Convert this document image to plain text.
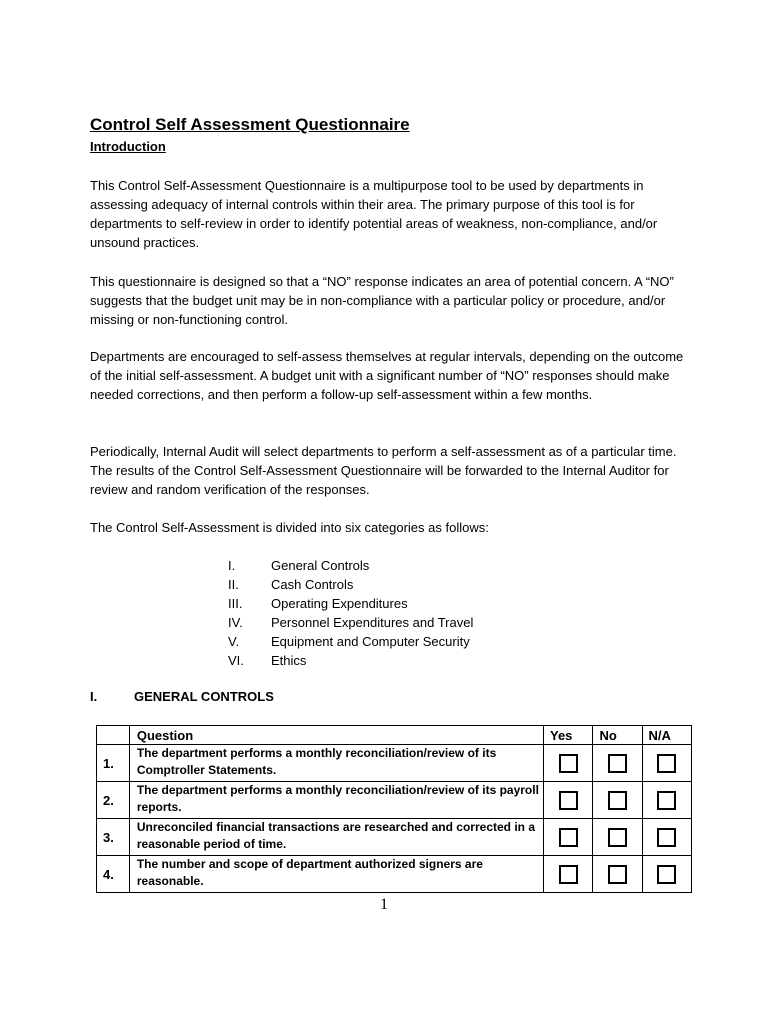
Control Self Assessment Questionnaire
Introduction

This Control Self-Assessment Questionnaire is a multipurpose tool to be used by departments in assessing adequacy of internal controls within their area. The primary purpose of this tool is for departments to self-review in order to identify potential areas of weakness, non-compliance, and/or unsound practices.

This questionnaire is designed so that a “NO” response indicates an area of potential concern. A “NO” suggests that the budget unit may be in non-compliance with a particular policy or procedure, and/or missing or non-functioning control.

Departments are encouraged to self-assess themselves at regular intervals, depending on the outcome of the initial self-assessment. A budget unit with a significant number of “NO” responses should make needed corrections, and then perform a follow-up self-assessment within a few months.

Periodically, Internal Audit will select departments to perform a self-assessment as of a particular time. The results of the Control Self-Assessment Questionnaire will be forwarded to the Internal Auditor for review and random verification of the responses.

The Control Self-Assessment is divided into six categories as follows:

I.	General Controls
II.	Cash Controls
III.	Operating Expenditures
IV.	Personnel Expenditures and Travel
V.	Equipment and Computer Security
VI.	Ethics
I.	GENERAL CONTROLS
	Question	Yes	No	N/A
1.	The department performs a monthly reconciliation/review of its Comptroller Statements.			
2.	The department performs a monthly reconciliation/review of its payroll reports.			
3.	Unreconciled financial transactions are researched and corrected in a reasonable period of time.			
4.	The number and scope of department authorized signers are reasonable.			

1
